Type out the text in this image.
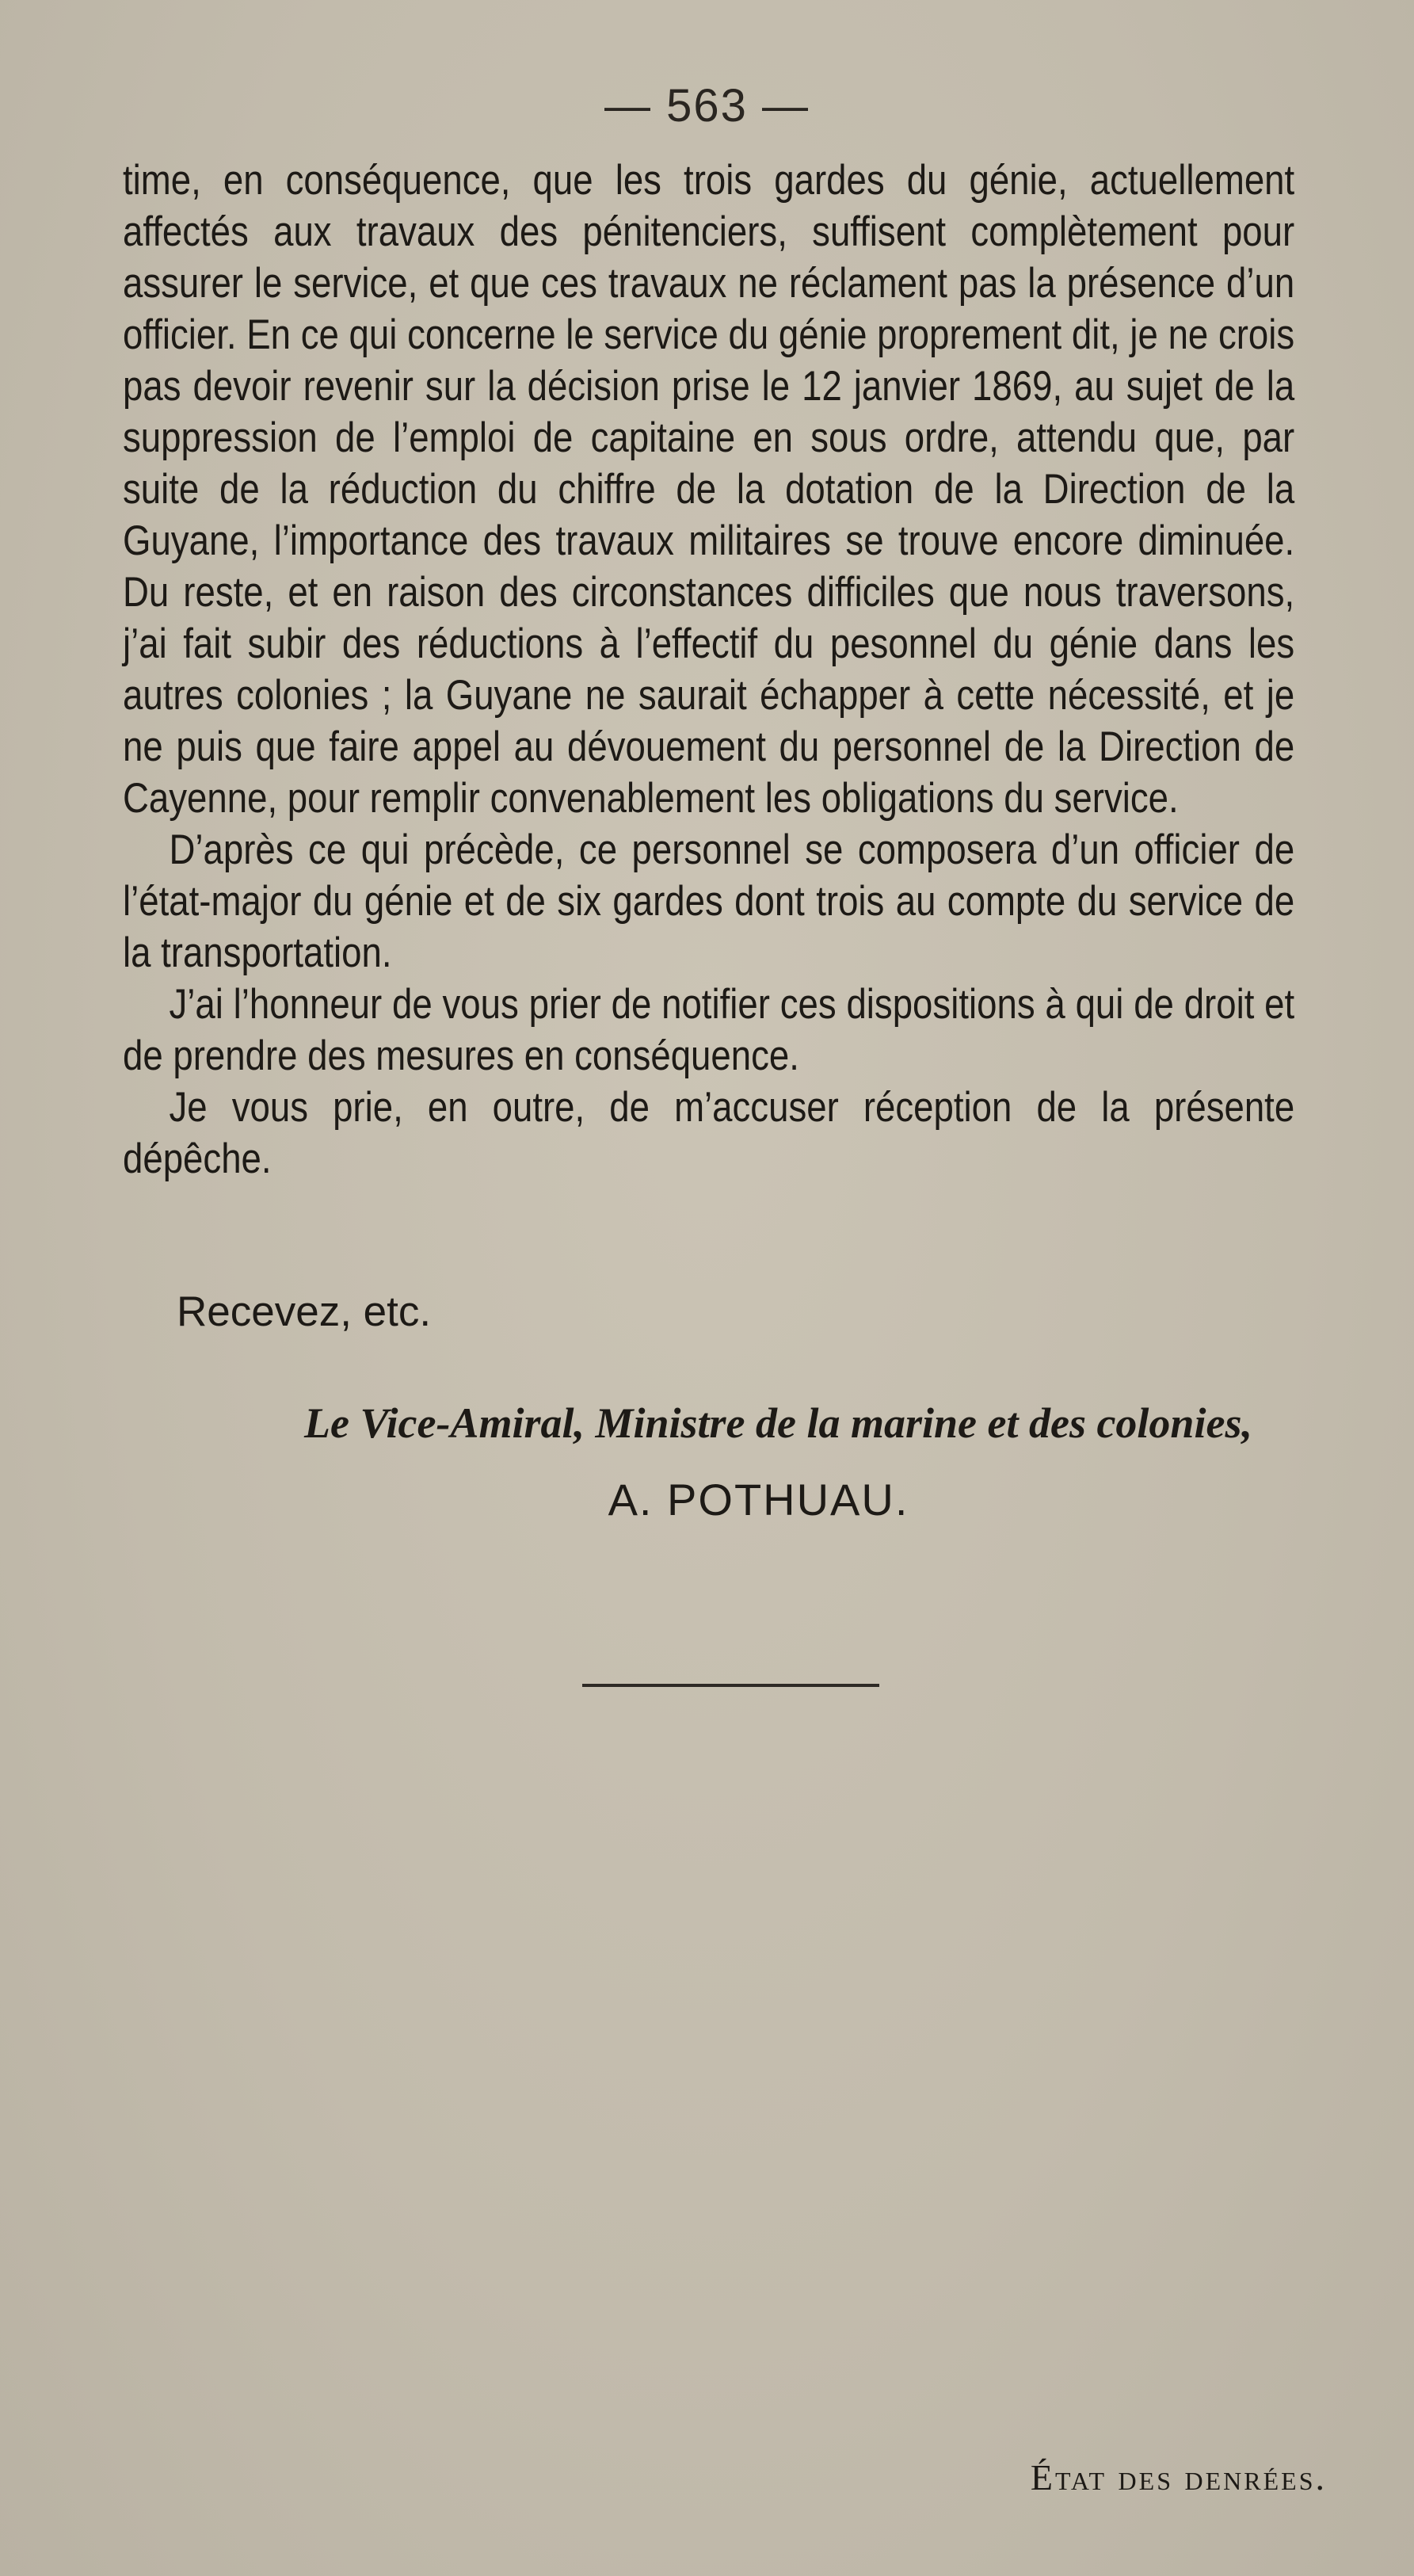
— 563 —

time, en conséquence, que les trois gardes du génie, actuellement affectés aux travaux des pénitenciers, suffisent complètement pour assurer le service, et que ces travaux ne réclament pas la présence d’un officier. En ce qui concerne le service du génie proprement dit, je ne crois pas devoir revenir sur la décision prise le 12 janvier 1869, au sujet de la suppression de l’emploi de capitaine en sous ordre, attendu que, par suite de la réduction du chiffre de la dotation de la Direction de la Guyane, l’importance des travaux militaires se trouve encore diminuée. Du reste, et en raison des circonstances difficiles que nous traversons, j’ai fait subir des réductions à l’effectif du pesonnel du génie dans les autres colonies ; la Guyane ne saurait échapper à cette nécessité, et je ne puis que faire appel au dévouement du personnel de la Direction de Cayenne, pour remplir convenablement les obligations du service.

D’après ce qui précède, ce personnel se composera d’un officier de l’état-major du génie et de six gardes dont trois au compte du service de la transportation.

J’ai l’honneur de vous prier de notifier ces dispositions à qui de droit et de prendre des mesures en conséquence.

Je vous prie, en outre, de m’accuser réception de la présente dépêche.

Recevez, etc.
Le Vice-Amiral, Ministre de la marine et des colonies,
A. POTHUAU.
État des denrées.
